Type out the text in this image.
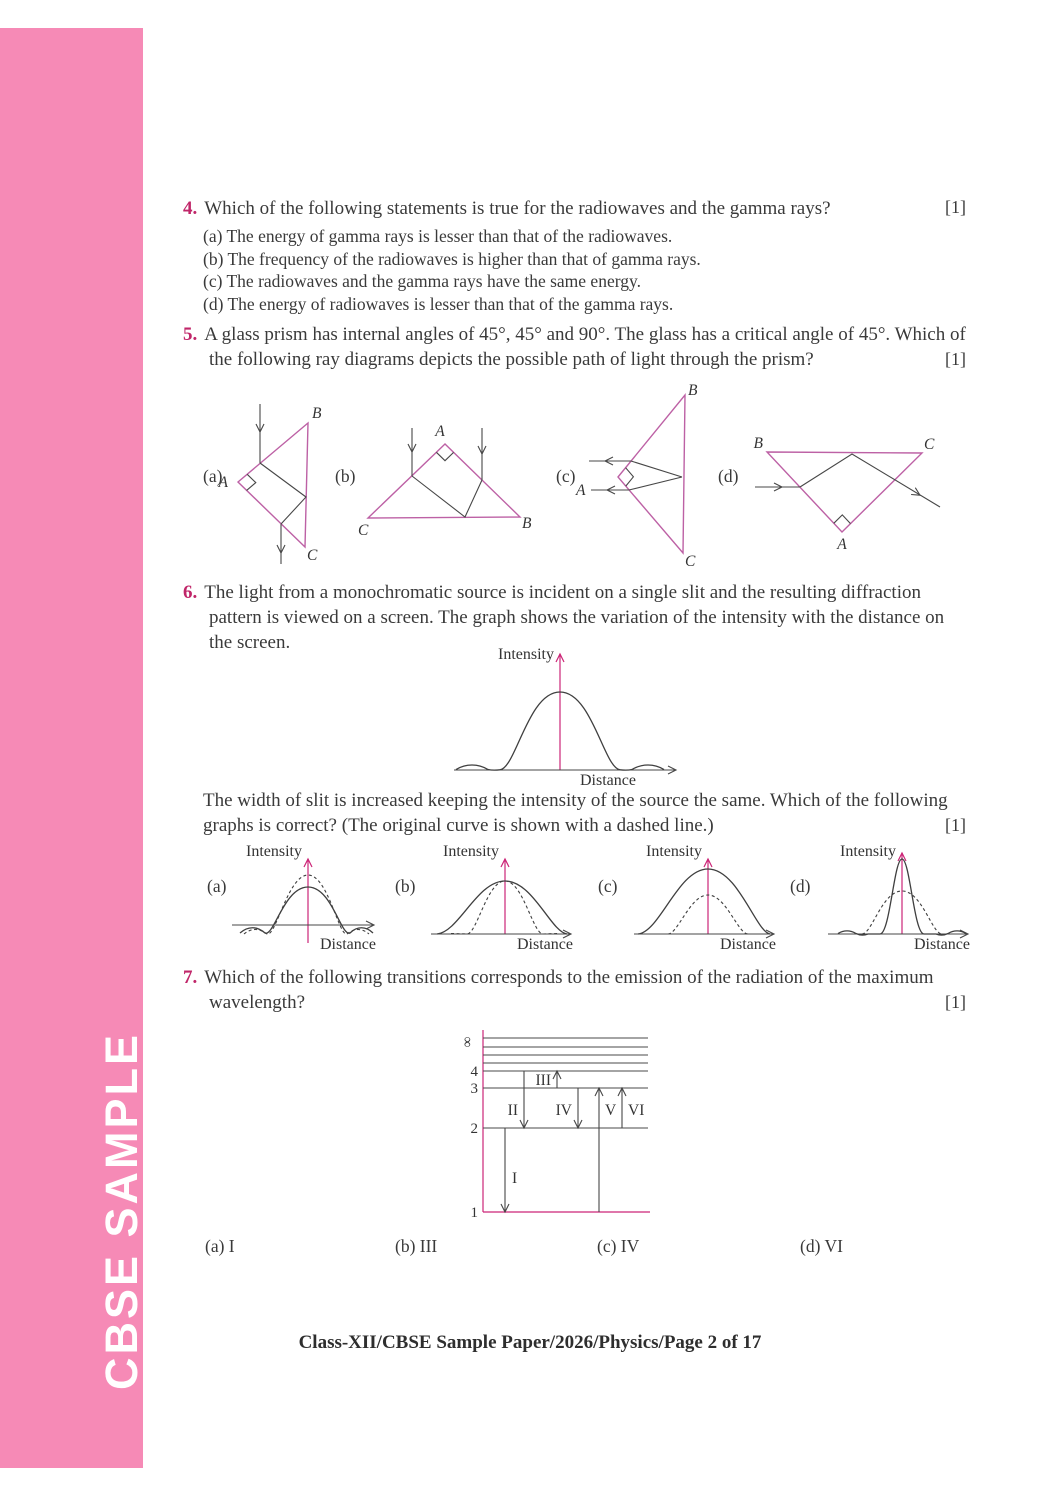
CBSE SAMPLE

4. Which of the following statements is true for the radiowaves and the gamma rays?	[1]

(a) The energy of gamma rays is lesser than that of the radiowaves.
(b) The frequency of the radiowaves is higher than that of gamma rays.
(c) The radiowaves and the gamma rays have the same energy.
(d) The energy of radiowaves is lesser than that of the gamma rays.

5. A glass prism has internal angles of 45°, 45° and 90°. The glass has a critical angle of 45°. Which of the following ray diagrams depicts the possible path of light through the prism?	[1]

(a)	(b)	(c)	(d)
A
B
C
A
C	B
B
C
A
B	C
A

6. The light from a monochromatic source is incident on a single slit and the resulting diffraction pattern is viewed on a screen. The graph shows the variation of the intensity with the distance on the screen.

Intensity
Distance

The width of slit is increased keeping the intensity of the source the same. Which of the following graphs is correct? (The original curve is shown with a dashed line.)	[1]

(a)	(b)	(c)	(d)
Intensity
Distance
Intensity
Distance
Intensity
Distance
Intensity
Distance

7. Which of the following transitions corresponds to the emission of the radiation of the maximum wavelength?	[1]

∞
4
3
2
1
I
II
III
IV V VI
(a) I	(b) III	(c) IV	(d) VI
Class-XII/CBSE Sample Paper/2026/Physics/Page 2 of 17
